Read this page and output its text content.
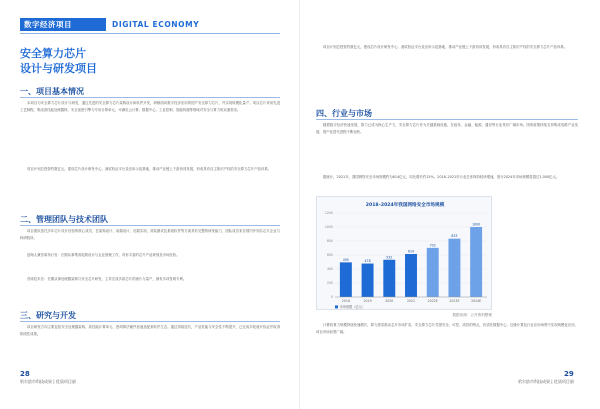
数字经济项目	DIGITAL ECONOMY
安全算力芯片
设计与研发项目
一、项目基本情况
本项目为安全算力芯片设计与研发，通过先进的安全算力芯片架构设计和软件开发，研制面向数字经济应用的国产安全算力芯片，并实现规模化量产。项目芯片采用先进工艺制程，集成高性能处理器核、安全加密引擎与专用计算单元，可满足云计算、数据中心、工业控制、智能终端等领域对安全与算力的双重需求。
项目计划总投资约数亿元，建设芯片设计研发中心、测试验证平台及应用示范基地，推动产业链上下游协同发展，形成具有自主知识产权的安全算力芯片产品体系。
二、管理团队与技术团队
项目团队依托多年芯片设计经验的核心成员，在架构设计、前端设计、后端实现、封装测试及系统软件等方面具有完整的研发能力，团队成员来自国内外知名芯片企业与科研院所。
创始人兼首席执行官：长期从事集成电路设计与企业管理工作，具有丰富的芯片产品规划及市场经验。
首席技术官：长期从事处理器架构与安全芯片研发，主导完成多款芯片的流片与量产，拥有多项发明专利。
三、研究与开发
项目研发方向主要包括安全处理器架构、高性能计算单元、密码算法硬件加速及配套软件生态。通过持续迭代，产品性能与安全性不断提升，已完成多轮流片验证并取得阶段性成果。
28
哈尔滨市科技成果 | 优质项目册
项目计划总投资约数亿元，建设芯片设计研发中心、测试验证平台及应用示范基地，推动产业链上下游协同发展，形成具有自主知识产权的安全算力芯片产品体系。
四、行业与市场
随着数字经济快速发展，算力已成为核心生产力，安全算力芯片作为关键基础设施，在政务、金融、能源、通信等行业具有广阔市场。国家政策持续支持集成电路产业发展，国产化替代进程不断加快。
据统计，2021年，我国网络安全市场规模约为614亿元，同比增长约15%。2018–2021年行业总体保持较快增速，预计2024年市场规模将超过1,000亿元。
计算机算力规模持续快速增长，算力需求推动芯片市场扩容，安全算力芯片凭借安全、可控、高效的特点，有望在数据中心、边缘计算及行业应用场景中实现规模化应用，项目市场前景广阔。
29
哈尔滨市科技成果 | 优质项目册
2018–2024年我国网络安全市场规模
0
200
400
600
800
1000
1200
495
2018
478
2019
532
2020
614
2021
702
2022E
833
2023E
1000
2024E
市场规模（亿元）
数据来源：公开资料整理
